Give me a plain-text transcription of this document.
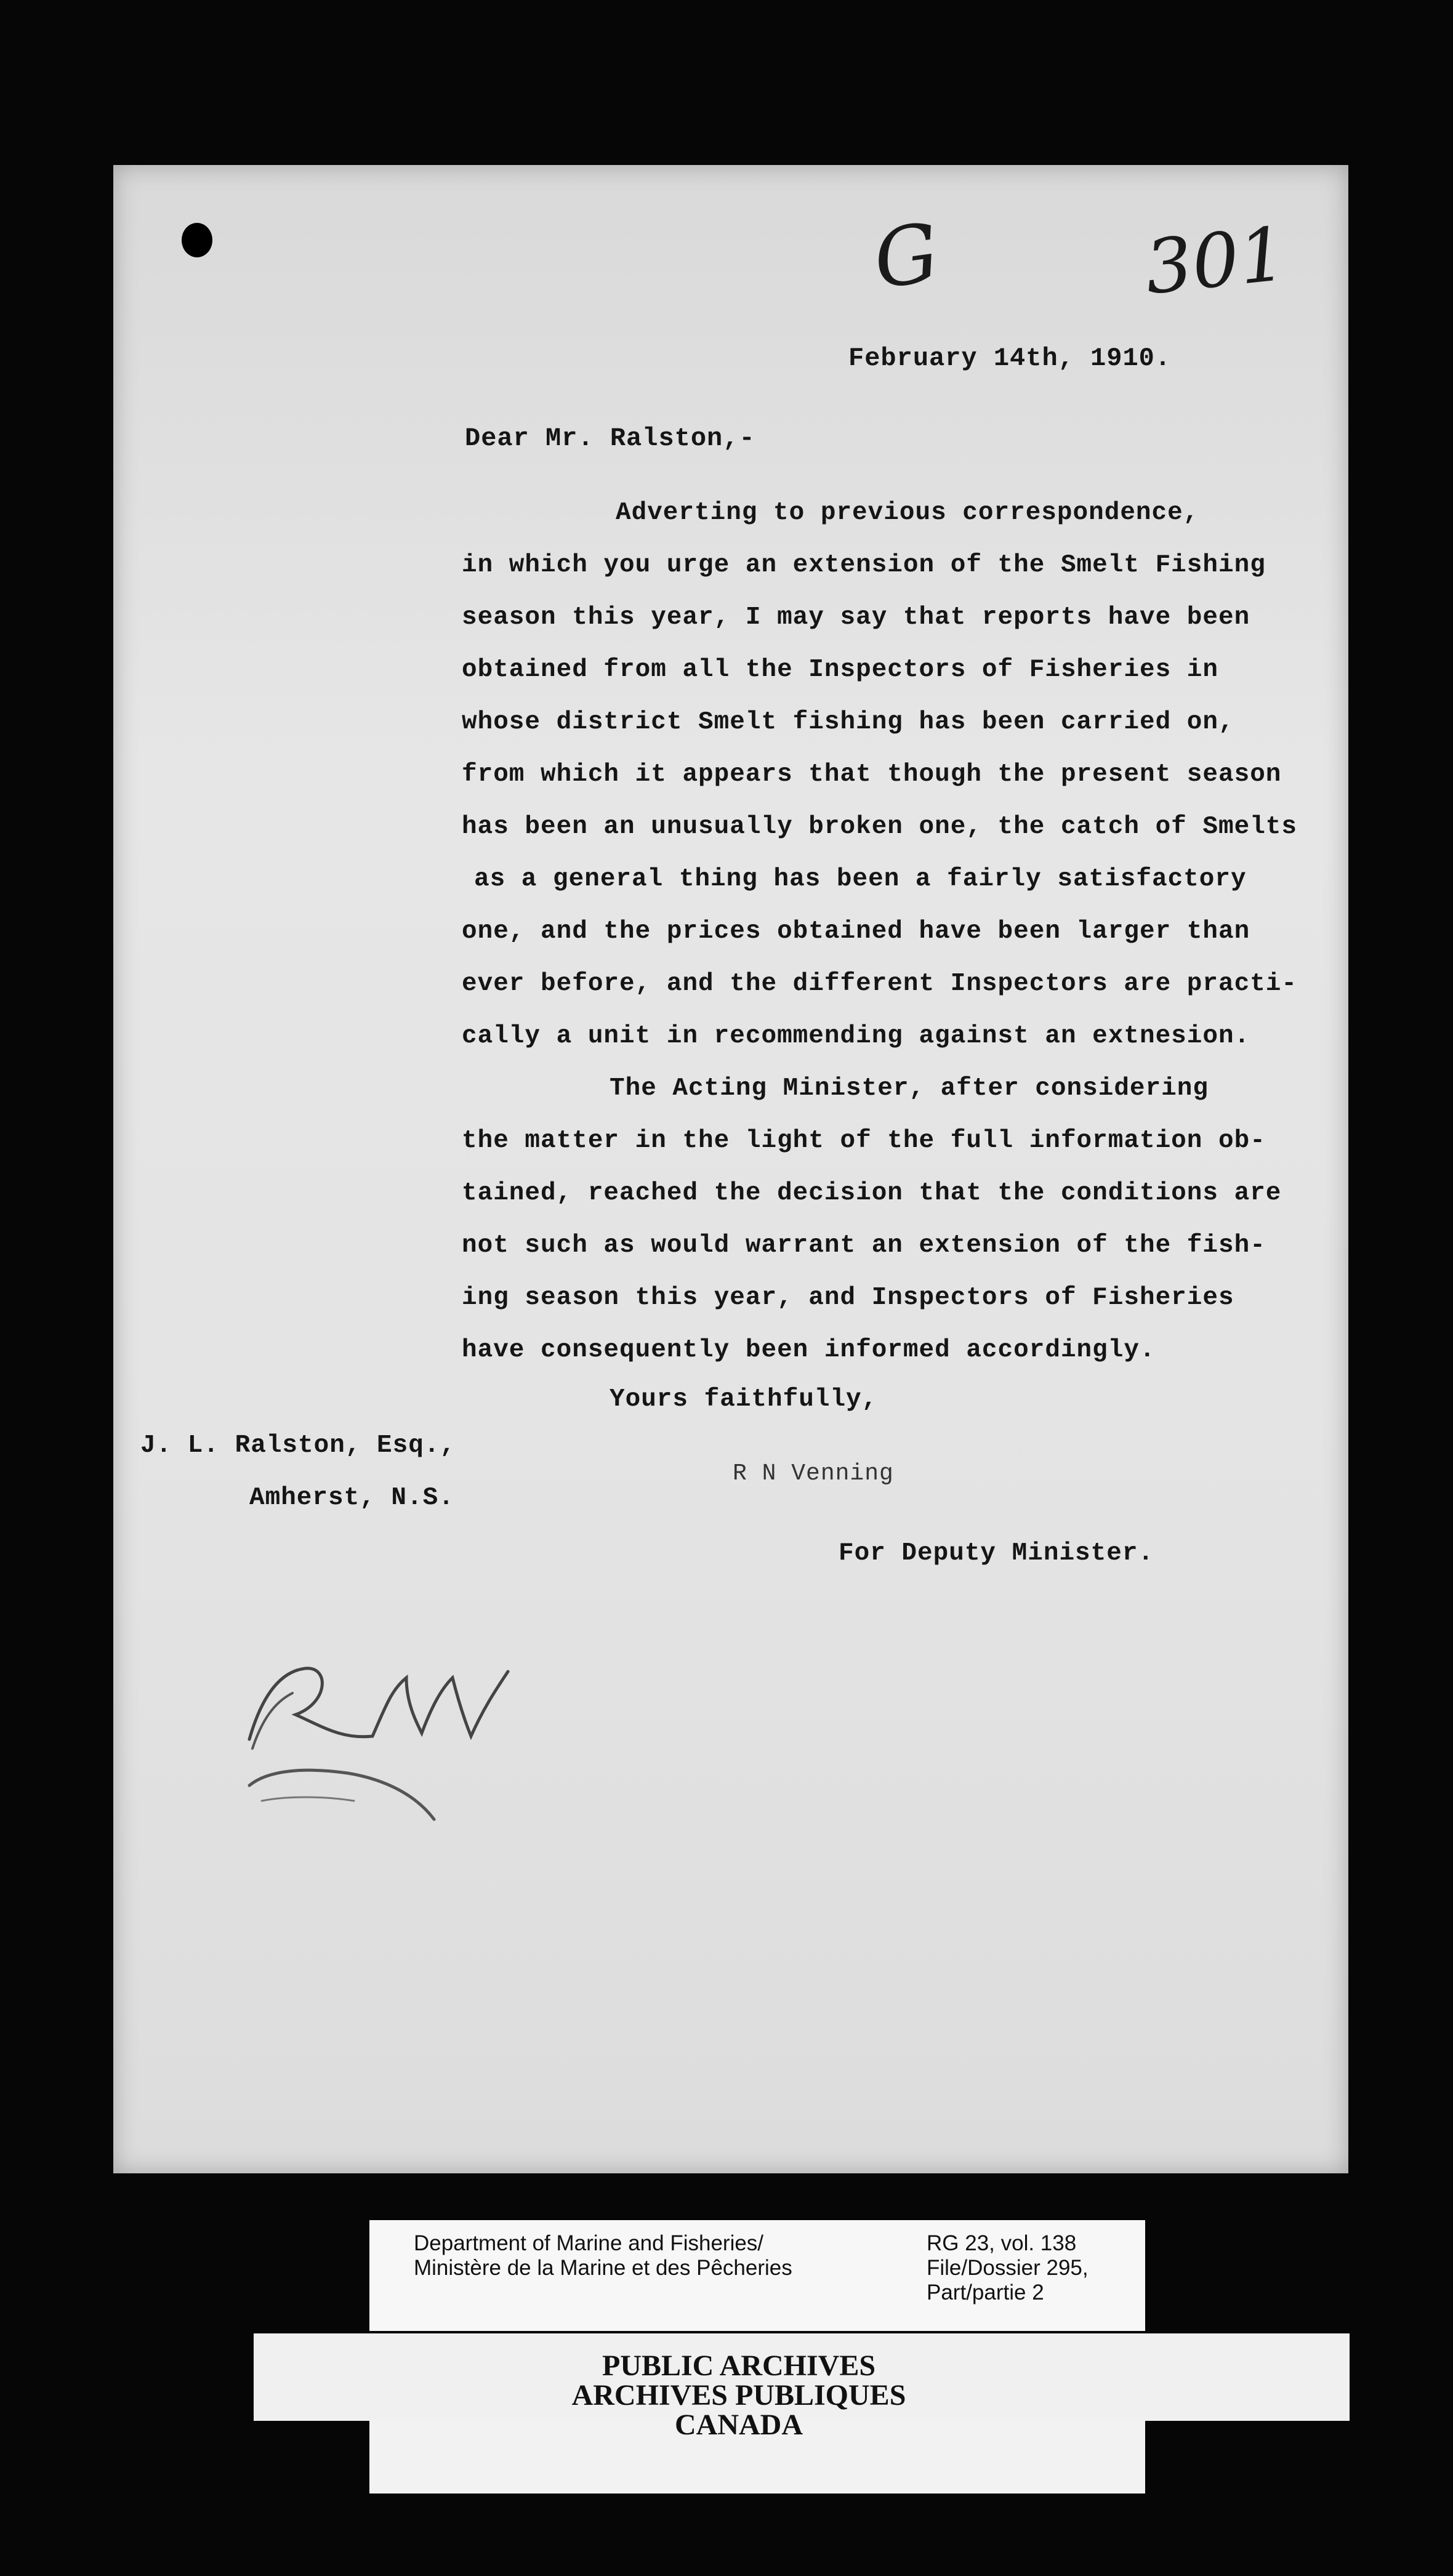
G	301
February 14th, 1910.
Dear Mr. Ralston,-
Adverting to previous correspondence,
in which you urge an extension of the Smelt Fishing
season this year, I may say that reports have been
obtained from all the Inspectors of Fisheries in
whose district Smelt fishing has been carried on,
from which it appears that though the present season
has been an unusually broken one, the catch of Smelts
as a general thing has been a fairly satisfactory
one, and the prices obtained have been larger than
ever before, and the different Inspectors are practi-
cally a unit in recommending against an extnesion.
The Acting Minister, after considering
the matter in the light of the full information ob-
tained, reached the decision that the conditions are
not such as would warrant an extension of the fish-
ing season this year, and Inspectors of Fisheries
have consequently been informed accordingly.
Yours faithfully,
J. L. Ralston, Esq.,
Amherst, N.S.
R N Venning
For Deputy Minister.
Department of Marine and Fisheries/
Ministère de la Marine et des Pêcheries
RG 23, vol. 138
File/Dossier 295,
Part/partie 2
PUBLIC ARCHIVES
ARCHIVES PUBLIQUES
CANADA
